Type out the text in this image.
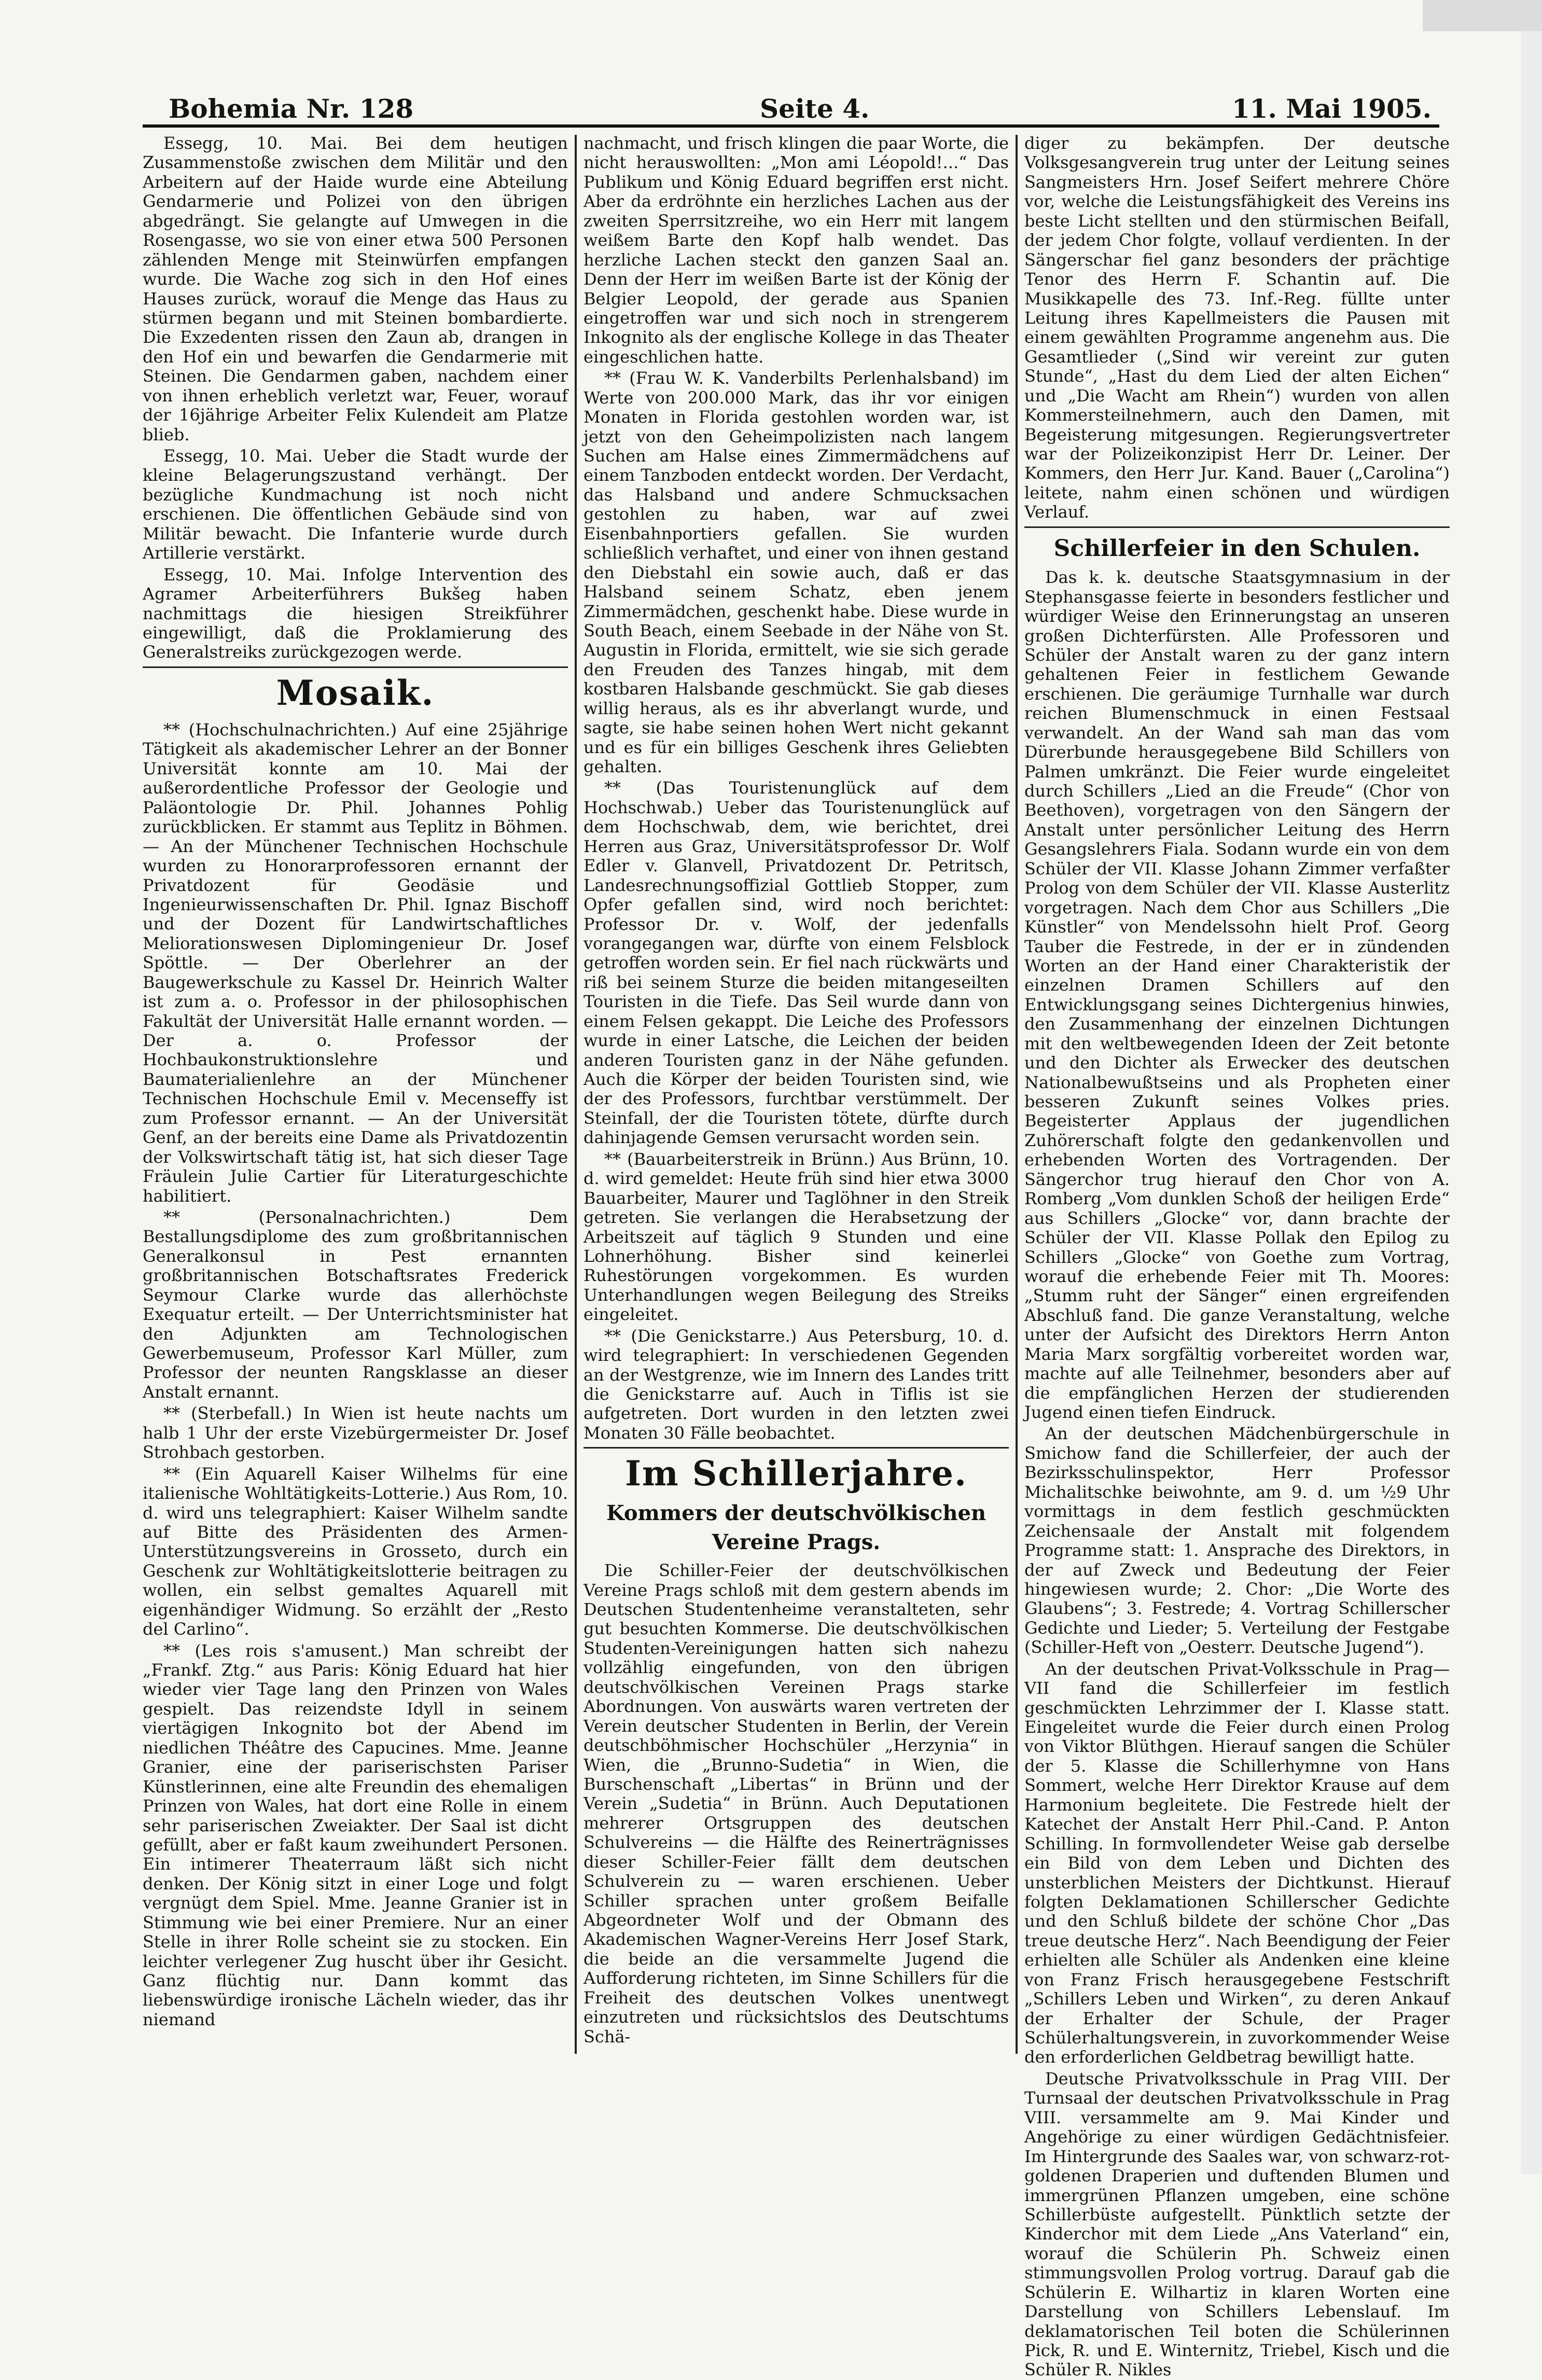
Bohemia Nr. 128	Seite 4.	11. Mai 1905.

Essegg, 10. Mai. Bei dem heutigen Zusammenstoße zwischen dem Militär und den Arbeitern auf der Haide wurde eine Abteilung Gendarmerie und Polizei von den übrigen abgedrängt. Sie gelangte auf Umwegen in die Rosengasse, wo sie von einer etwa 500 Personen zählenden Menge mit Steinwürfen empfangen wurde. Die Wache zog sich in den Hof eines Hauses zurück, worauf die Menge das Haus zu stürmen begann und mit Steinen bombardierte. Die Exzedenten rissen den Zaun ab, drangen in den Hof ein und bewarfen die Gendarmerie mit Steinen. Die Gendarmen gaben, nachdem einer von ihnen erheblich verletzt war, Feuer, worauf der 16jährige Arbeiter Felix Kulendeit am Platze blieb.

Essegg, 10. Mai. Ueber die Stadt wurde der kleine Belagerungszustand verhängt. Der bezügliche Kundmachung ist noch nicht erschienen. Die öffentlichen Gebäude sind von Militär bewacht. Die Infanterie wurde durch Artillerie verstärkt.

Essegg, 10. Mai. Infolge Intervention des Agramer Arbeiterführers Bukšeg haben nachmittags die hiesigen Streikführer eingewilligt, daß die Proklamierung des Generalstreiks zurückgezogen werde.

Mosaik.

** (Hochschulnachrichten.) Auf eine 25jährige Tätigkeit als akademischer Lehrer an der Bonner Universität konnte am 10. Mai der außerordentliche Professor der Geologie und Paläontologie Dr. Phil. Johannes Pohlig zurückblicken. Er stammt aus Teplitz in Böhmen. — An der Münchener Technischen Hochschule wurden zu Honorarprofessoren ernannt der Privatdozent für Geodäsie und Ingenieurwissenschaften Dr. Phil. Ignaz Bischoff und der Dozent für Landwirtschaftliches Meliorationswesen Diplomingenieur Dr. Josef Spöttle. — Der Oberlehrer an der Baugewerkschule zu Kassel Dr. Heinrich Walter ist zum a. o. Professor in der philosophischen Fakultät der Universität Halle ernannt worden. — Der a. o. Professor der Hochbaukonstruktionslehre und Baumaterialienlehre an der Münchener Technischen Hochschule Emil v. Mecenseffy ist zum Professor ernannt. — An der Universität Genf, an der bereits eine Dame als Privatdozentin der Volkswirtschaft tätig ist, hat sich dieser Tage Fräulein Julie Cartier für Literaturgeschichte habilitiert.

** (Personalnachrichten.) Dem Bestallungsdiplome des zum großbritannischen Generalkonsul in Pest ernannten großbritannischen Botschaftsrates Frederick Seymour Clarke wurde das allerhöchste Exequatur erteilt. — Der Unterrichtsminister hat den Adjunkten am Technologischen Gewerbemuseum, Professor Karl Müller, zum Professor der neunten Rangsklasse an dieser Anstalt ernannt.

** (Sterbefall.) In Wien ist heute nachts um halb 1 Uhr der erste Vizebürgermeister Dr. Josef Strohbach gestorben.

** (Ein Aquarell Kaiser Wilhelms für eine italienische Wohltätigkeits-Lotterie.) Aus Rom, 10. d. wird uns telegraphiert: Kaiser Wilhelm sandte auf Bitte des Präsidenten des Armen-Unterstützungsvereins in Grosseto, durch ein Geschenk zur Wohltätigkeitslotterie beitragen zu wollen, ein selbst gemaltes Aquarell mit eigenhändiger Widmung. So erzählt der „Resto del Carlino“.

** (Les rois s'amusent.) Man schreibt der „Frankf. Ztg.“ aus Paris: König Eduard hat hier wieder vier Tage lang den Prinzen von Wales gespielt. Das reizendste Idyll in seinem viertägigen Inkognito bot der Abend im niedlichen Théâtre des Capucines. Mme. Jeanne Granier, eine der pariserischsten Pariser Künstlerinnen, eine alte Freundin des ehemaligen Prinzen von Wales, hat dort eine Rolle in einem sehr pariserischen Zweiakter. Der Saal ist dicht gefüllt, aber er faßt kaum zweihundert Personen. Ein intimerer Theaterraum läßt sich nicht denken. Der König sitzt in einer Loge und folgt vergnügt dem Spiel. Mme. Jeanne Granier ist in Stimmung wie bei einer Premiere. Nur an einer Stelle in ihrer Rolle scheint sie zu stocken. Ein leichter verlegener Zug huscht über ihr Gesicht. Ganz flüchtig nur. Dann kommt das liebenswürdige ironische Lächeln wieder, das ihr niemand

nachmacht, und frisch klingen die paar Worte, die nicht herauswollten: „Mon ami Léopold!...“ Das Publikum und König Eduard begriffen erst nicht. Aber da erdröhnte ein herzliches Lachen aus der zweiten Sperrsitzreihe, wo ein Herr mit langem weißem Barte den Kopf halb wendet. Das herzliche Lachen steckt den ganzen Saal an. Denn der Herr im weißen Barte ist der König der Belgier Leopold, der gerade aus Spanien eingetroffen war und sich noch in strengerem Inkognito als der englische Kollege in das Theater eingeschlichen hatte.

** (Frau W. K. Vanderbilts Perlenhalsband) im Werte von 200.000 Mark, das ihr vor einigen Monaten in Florida gestohlen worden war, ist jetzt von den Geheimpolizisten nach langem Suchen am Halse eines Zimmermädchens auf einem Tanzboden entdeckt worden. Der Verdacht, das Halsband und andere Schmucksachen gestohlen zu haben, war auf zwei Eisenbahnportiers gefallen. Sie wurden schließlich verhaftet, und einer von ihnen gestand den Diebstahl ein sowie auch, daß er das Halsband seinem Schatz, eben jenem Zimmermädchen, geschenkt habe. Diese wurde in South Beach, einem Seebade in der Nähe von St. Augustin in Florida, ermittelt, wie sie sich gerade den Freuden des Tanzes hingab, mit dem kostbaren Halsbande geschmückt. Sie gab dieses willig heraus, als es ihr abverlangt wurde, und sagte, sie habe seinen hohen Wert nicht gekannt und es für ein billiges Geschenk ihres Geliebten gehalten.

** (Das Touristenunglück auf dem Hochschwab.) Ueber das Touristenunglück auf dem Hochschwab, dem, wie berichtet, drei Herren aus Graz, Universitätsprofessor Dr. Wolf Edler v. Glanvell, Privatdozent Dr. Petritsch, Landesrechnungsoffizial Gottlieb Stopper, zum Opfer gefallen sind, wird noch berichtet: Professor Dr. v. Wolf, der jedenfalls vorangegangen war, dürfte von einem Felsblock getroffen worden sein. Er fiel nach rückwärts und riß bei seinem Sturze die beiden mitangeseilten Touristen in die Tiefe. Das Seil wurde dann von einem Felsen gekappt. Die Leiche des Professors wurde in einer Latsche, die Leichen der beiden anderen Touristen ganz in der Nähe gefunden. Auch die Körper der beiden Touristen sind, wie der des Professors, furchtbar verstümmelt. Der Steinfall, der die Touristen tötete, dürfte durch dahinjagende Gemsen verursacht worden sein.

** (Bauarbeiterstreik in Brünn.) Aus Brünn, 10. d. wird gemeldet: Heute früh sind hier etwa 3000 Bauarbeiter, Maurer und Taglöhner in den Streik getreten. Sie verlangen die Herabsetzung der Arbeitszeit auf täglich 9 Stunden und eine Lohnerhöhung. Bisher sind keinerlei Ruhestörungen vorgekommen. Es wurden Unterhandlungen wegen Beilegung des Streiks eingeleitet.

** (Die Genickstarre.) Aus Petersburg, 10. d. wird telegraphiert: In verschiedenen Gegenden an der Westgrenze, wie im Innern des Landes tritt die Genickstarre auf. Auch in Tiflis ist sie aufgetreten. Dort wurden in den letzten zwei Monaten 30 Fälle beobachtet.

Im Schillerjahre.
Kommers der deutschvölkischen
Vereine Prags.

Die Schiller-Feier der deutschvölkischen Vereine Prags schloß mit dem gestern abends im Deutschen Studentenheime veranstalteten, sehr gut besuchten Kommerse. Die deutschvölkischen Studenten-Vereinigungen hatten sich nahezu vollzählig eingefunden, von den übrigen deutschvölkischen Vereinen Prags starke Abordnungen. Von auswärts waren vertreten der Verein deutscher Studenten in Berlin, der Verein deutschböhmischer Hochschüler „Herzynia“ in Wien, die „Brunno-Sudetia“ in Wien, die Burschenschaft „Libertas“ in Brünn und der Verein „Sudetia“ in Brünn. Auch Deputationen mehrerer Ortsgruppen des deutschen Schulvereins — die Hälfte des Reinerträgnisses dieser Schiller-Feier fällt dem deutschen Schulverein zu — waren erschienen. Ueber Schiller sprachen unter großem Beifalle Abgeordneter Wolf und der Obmann des Akademischen Wagner-Vereins Herr Josef Stark, die beide an die versammelte Jugend die Aufforderung richteten, im Sinne Schillers für die Freiheit des deutschen Volkes unentwegt einzutreten und rücksichtslos des Deutschtums Schä-

diger zu bekämpfen. Der deutsche Volksgesangverein trug unter der Leitung seines Sangmeisters Hrn. Josef Seifert mehrere Chöre vor, welche die Leistungsfähigkeit des Vereins ins beste Licht stellten und den stürmischen Beifall, der jedem Chor folgte, vollauf verdienten. In der Sängerschar fiel ganz besonders der prächtige Tenor des Herrn F. Schantin auf. Die Musikkapelle des 73. Inf.-Reg. füllte unter Leitung ihres Kapellmeisters die Pausen mit einem gewählten Programme angenehm aus. Die Gesamtlieder („Sind wir vereint zur guten Stunde“, „Hast du dem Lied der alten Eichen“ und „Die Wacht am Rhein“) wurden von allen Kommersteilnehmern, auch den Damen, mit Begeisterung mitgesungen. Regierungsvertreter war der Polizeikonzipist Herr Dr. Leiner. Der Kommers, den Herr Jur. Kand. Bauer („Carolina“) leitete, nahm einen schönen und würdigen Verlauf.

Schillerfeier in den Schulen.

Das k. k. deutsche Staatsgymnasium in der Stephansgasse feierte in besonders festlicher und würdiger Weise den Erinnerungstag an unseren großen Dichterfürsten. Alle Professoren und Schüler der Anstalt waren zu der ganz intern gehaltenen Feier in festlichem Gewande erschienen. Die geräumige Turnhalle war durch reichen Blumenschmuck in einen Festsaal verwandelt. An der Wand sah man das vom Dürerbunde herausgegebene Bild Schillers von Palmen umkränzt. Die Feier wurde eingeleitet durch Schillers „Lied an die Freude“ (Chor von Beethoven), vorgetragen von den Sängern der Anstalt unter persönlicher Leitung des Herrn Gesangslehrers Fiala. Sodann wurde ein von dem Schüler der VII. Klasse Johann Zimmer verfaßter Prolog von dem Schüler der VII. Klasse Austerlitz vorgetragen. Nach dem Chor aus Schillers „Die Künstler“ von Mendelssohn hielt Prof. Georg Tauber die Festrede, in der er in zündenden Worten an der Hand einer Charakteristik der einzelnen Dramen Schillers auf den Entwicklungsgang seines Dichtergenius hinwies, den Zusammenhang der einzelnen Dichtungen mit den weltbewegenden Ideen der Zeit betonte und den Dichter als Erwecker des deutschen Nationalbewußtseins und als Propheten einer besseren Zukunft seines Volkes pries. Begeisterter Applaus der jugendlichen Zuhörerschaft folgte den gedankenvollen und erhebenden Worten des Vortragenden. Der Sängerchor trug hierauf den Chor von A. Romberg „Vom dunklen Schoß der heiligen Erde“ aus Schillers „Glocke“ vor, dann brachte der Schüler der VII. Klasse Pollak den Epilog zu Schillers „Glocke“ von Goethe zum Vortrag, worauf die erhebende Feier mit Th. Moores: „Stumm ruht der Sänger“ einen ergreifenden Abschluß fand. Die ganze Veranstaltung, welche unter der Aufsicht des Direktors Herrn Anton Maria Marx sorgfältig vorbereitet worden war, machte auf alle Teilnehmer, besonders aber auf die empfänglichen Herzen der studierenden Jugend einen tiefen Eindruck.

An der deutschen Mädchenbürgerschule in Smichow fand die Schillerfeier, der auch der Bezirksschulinspektor, Herr Professor Michalitschke beiwohnte, am 9. d. um ½9 Uhr vormittags in dem festlich geschmückten Zeichensaale der Anstalt mit folgendem Programme statt: 1. Ansprache des Direktors, in der auf Zweck und Bedeutung der Feier hingewiesen wurde; 2. Chor: „Die Worte des Glaubens“; 3. Festrede; 4. Vortrag Schillerscher Gedichte und Lieder; 5. Verteilung der Festgabe (Schiller-Heft von „Oesterr. Deutsche Jugend“).

An der deutschen Privat-Volksschule in Prag—VII fand die Schillerfeier im festlich geschmückten Lehrzimmer der I. Klasse statt. Eingeleitet wurde die Feier durch einen Prolog von Viktor Blüthgen. Hierauf sangen die Schüler der 5. Klasse die Schillerhymne von Hans Sommert, welche Herr Direktor Krause auf dem Harmonium begleitete. Die Festrede hielt der Katechet der Anstalt Herr Phil.-Cand. P. Anton Schilling. In formvollendeter Weise gab derselbe ein Bild von dem Leben und Dichten des unsterblichen Meisters der Dichtkunst. Hierauf folgten Deklamationen Schillerscher Gedichte und den Schluß bildete der schöne Chor „Das treue deutsche Herz“. Nach Beendigung der Feier erhielten alle Schüler als Andenken eine kleine von Franz Frisch herausgegebene Festschrift „Schillers Leben und Wirken“, zu deren Ankauf der Erhalter der Schule, der Prager Schülerhaltungsverein, in zuvorkommender Weise den erforderlichen Geldbetrag bewilligt hatte.

Deutsche Privatvolksschule in Prag VIII. Der Turnsaal der deutschen Privatvolksschule in Prag VIII. versammelte am 9. Mai Kinder und Angehörige zu einer würdigen Gedächtnisfeier. Im Hintergrunde des Saales war, von schwarz-rot-goldenen Draperien und duftenden Blumen und immergrünen Pflanzen umgeben, eine schöne Schillerbüste aufgestellt. Pünktlich setzte der Kinderchor mit dem Liede „Ans Vaterland“ ein, worauf die Schülerin Ph. Schweiz einen stimmungsvollen Prolog vortrug. Darauf gab die Schülerin E. Wilhartiz in klaren Worten eine Darstellung von Schillers Lebenslauf. Im deklamatorischen Teil boten die Schülerinnen Pick, R. und E. Winternitz, Triebel, Kisch und die Schüler R. Nikles
